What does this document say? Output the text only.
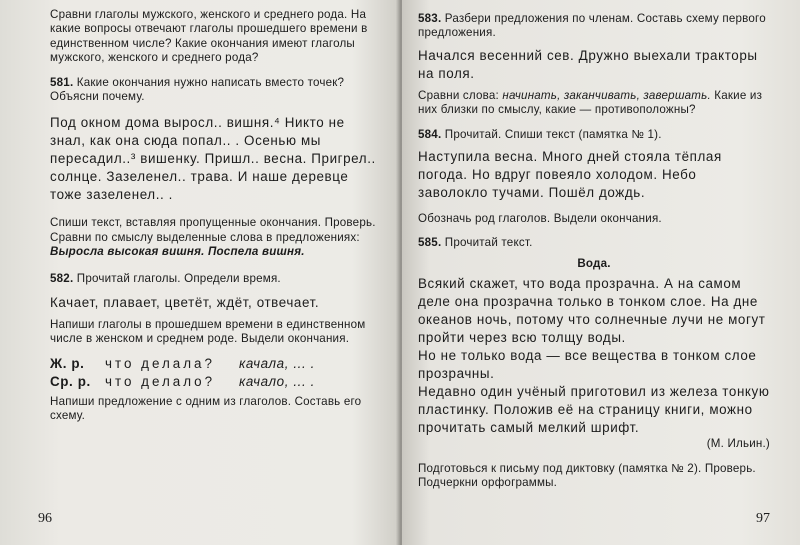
Сравни глаголы мужского, женского и среднего рода. На какие вопросы отвечают глаголы прошедшего времени в единственном числе? Какие окончания имеют глаголы мужского, женского и среднего рода?

581. Какие окончания нужно написать вместо точек? Объясни почему.

Под окном дома выросл.. вишня.⁴ Никто не знал, как она сюда попал.. . Осенью мы пересадил..³ вишенку. Пришл.. весна. Пригрел.. солнце. Зазеленел.. трава. И наше деревце тоже зазеленел.. .

Спиши текст, вставляя пропущенные окончания. Проверь.

Сравни по смыслу выделенные слова в предложениях: Выросла высокая вишня. Поспела вишня.

582. Прочитай глаголы. Определи время.

Качает, плавает, цветёт, ждёт, отвечает.

Напиши глаголы в прошедшем времени в единственном числе в женском и среднем роде. Выдели окончания.

Ж. р. что делала? качала, ... .

Ср. р. что делало? качало, ... .

Напиши предложение с одним из глаголов. Составь его схему.

96

583. Разбери предложения по членам. Составь схему первого предложения.

Начался весенний сев. Дружно выехали тракторы на поля.

Сравни слова: начинать, заканчивать, завершать. Какие из них близки по смыслу, какие — противоположны?

584. Прочитай. Спиши текст (памятка № 1).

Наступила весна. Много дней стояла тёплая погода. Но вдруг повеяло холодом. Небо заволокло тучами. Пошёл дождь.

Обозначь род глаголов. Выдели окончания.

585. Прочитай текст.

Вода.

Всякий скажет, что вода прозрачна. А на самом деле она прозрачна только в тонком слое. На дне океанов ночь, потому что солнечные лучи не могут пройти через всю толщу воды.

Но не только вода — все вещества в тонком слое прозрачны.

Недавно один учёный приготовил из железа тонкую пластинку. Положив её на страницу книги, можно прочитать самый мелкий шрифт.

(М. Ильин.)

Подготовься к письму под диктовку (памятка № 2). Проверь. Подчеркни орфограммы.

97
